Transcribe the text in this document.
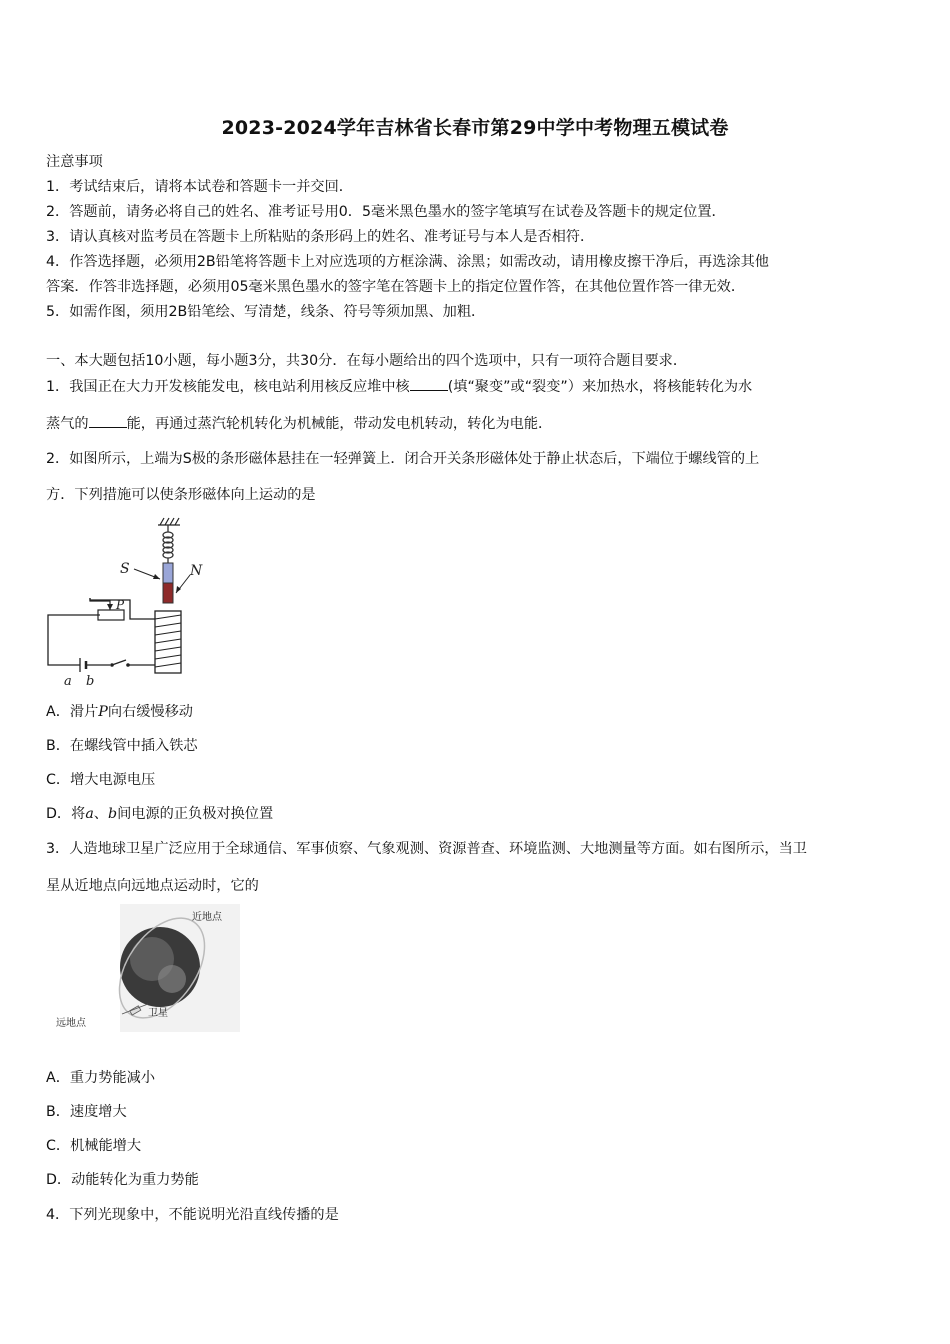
2023-2024学年吉林省长春市第29中学中考物理五模试卷
注意事项
1．考试结束后，请将本试卷和答题卡一并交回．
2．答题前，请务必将自己的姓名、准考证号用0．5毫米黑色墨水的签字笔填写在试卷及答题卡的规定位置．
3．请认真核对监考员在答题卡上所粘贴的条形码上的姓名、准考证号与本人是否相符．
4．作答选择题，必须用2B铅笔将答题卡上对应选项的方框涂满、涂黑；如需改动，请用橡皮擦干净后，再选涂其他
答案．作答非选择题，必须用05毫米黑色墨水的签字笔在答题卡上的指定位置作答，在其他位置作答一律无效．
5．如需作图，须用2B铅笔绘、写清楚，线条、符号等须加黑、加粗．
一、本大题包括10小题，每小题3分，共30分．在每小题给出的四个选项中，只有一项符合题目要求．
1．我国正在大力开发核能发电，核电站利用核反应堆中核	(填“聚变”或“裂变”）来加热水，将核能转化为水
蒸气的	能，再通过蒸汽轮机转化为机械能，带动发电机转动，转化为电能．
2．如图所示，上端为S极的条形磁体悬挂在一轻弹簧上．闭合开关条形磁体处于静止状态后，下端位于螺线管的上
方．下列措施可以使条形磁体向上运动的是
S	N
P
a b
A．滑片P向右缓慢移动
B．在螺线管中插入铁芯
C．增大电源电压
D．将a、b间电源的正负极对换位置
3．人造地球卫星广泛应用于全球通信、军事侦察、气象观测、资源普查、环境监测、大地测量等方面。如右图所示，当卫
星从近地点向远地点运动时，它的
近地点
远地点
卫星
A．重力势能减小
B．速度增大
C．机械能增大
D．动能转化为重力势能
4．下列光现象中，不能说明光沿直线传播的是
